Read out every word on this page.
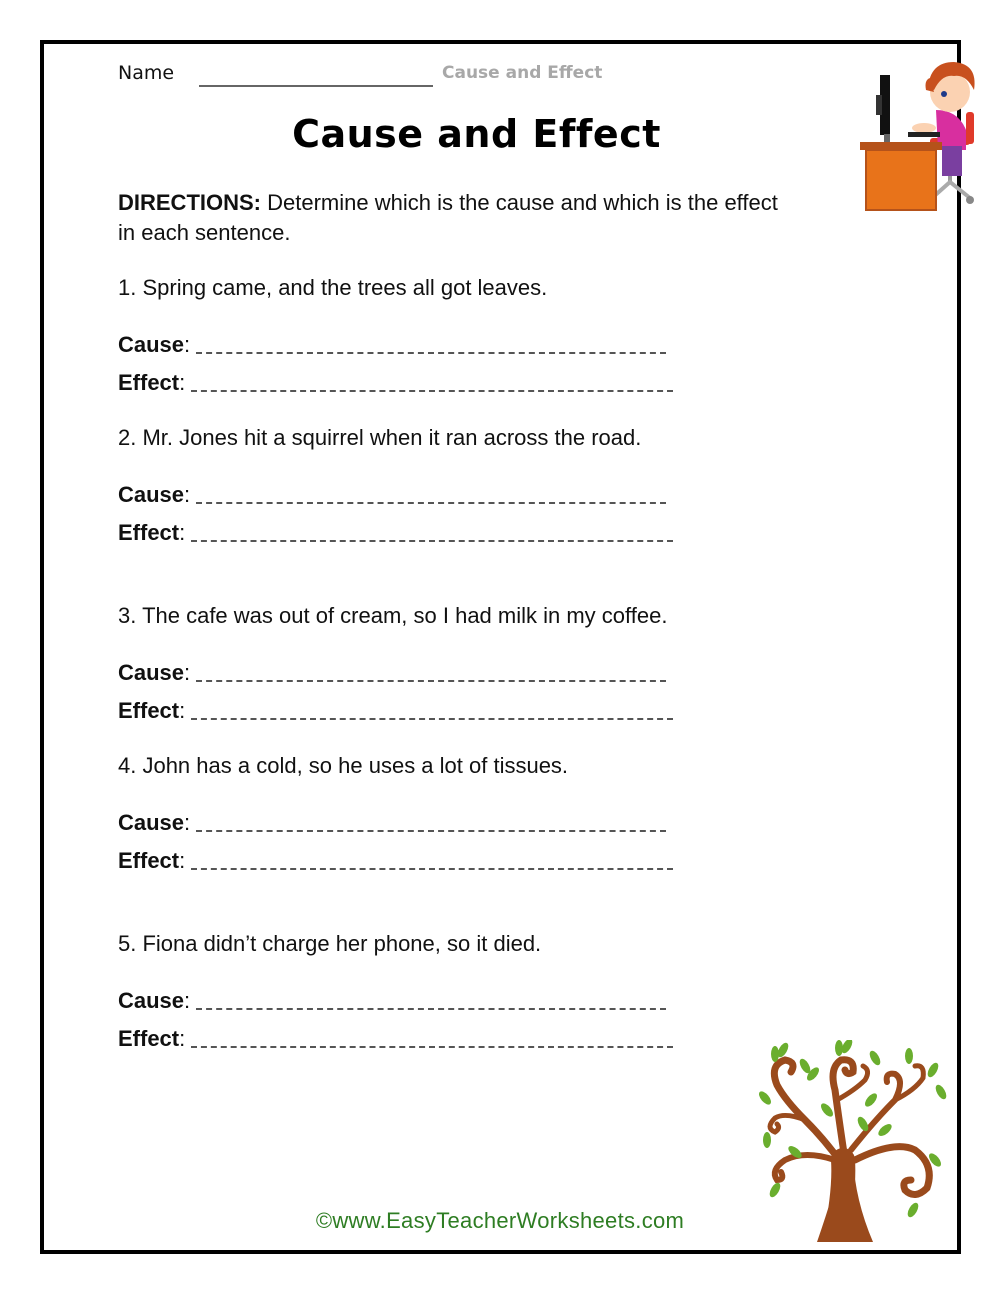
Name	Cause and Effect
Cause and Effect
DIRECTIONS: Determine which is the cause and which is the effect in each sentence.
1. Spring came, and the trees all got leaves.
Cause:
Effect:
2. Mr. Jones hit a squirrel when it ran across the road.
Cause:
Effect:
3. The cafe was out of cream, so I had milk in my coffee.
Cause:
Effect:
4. John has a cold, so he uses a lot of tissues.
Cause:
Effect:
5. Fiona didn’t charge her phone, so it died.
Cause:
Effect:
©www.EasyTeacherWorksheets.com
